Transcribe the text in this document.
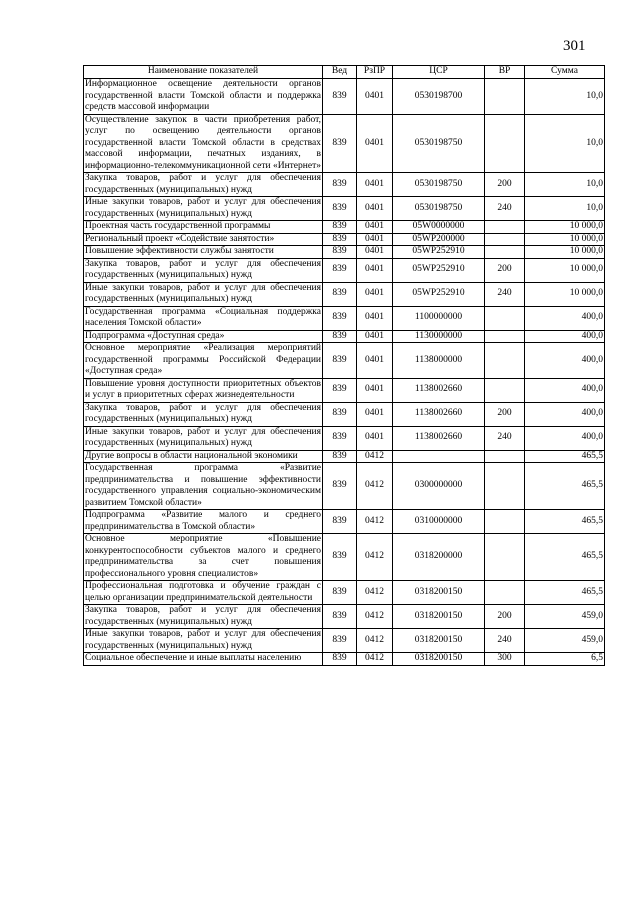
301
Наименование показателей	Вед	РзПР	ЦСР	ВР	Сумма
Информационное освещение деятельности органов государственной власти Томской области и поддержка средств массовой информации	839	0401	0530198700		10,0
Осуществление закупок в части приобретения работ, услуг по освещению деятельности органов государственной власти Томской области в средствах массовой информации, печатных изданиях, в информационно-телекоммуникационной сети «Интернет»	839	0401	0530198750		10,0
Закупка товаров, работ и услуг для обеспечения государственных (муниципальных) нужд	839	0401	0530198750	200	10,0
Иные закупки товаров, работ и услуг для обеспечения государственных (муниципальных) нужд	839	0401	0530198750	240	10,0
Проектная часть государственной программы	839	0401	05W0000000		10 000,0
Региональный проект «Содействие занятости»	839	0401	05WP200000		10 000,0
Повышение эффективности службы занятости	839	0401	05WP252910		10 000,0
Закупка товаров, работ и услуг для обеспечения государственных (муниципальных) нужд	839	0401	05WP252910	200	10 000,0
Иные закупки товаров, работ и услуг для обеспечения государственных (муниципальных) нужд	839	0401	05WP252910	240	10 000,0
Государственная программа «Социальная поддержка населения Томской области»	839	0401	1100000000		400,0
Подпрограмма «Доступная среда»	839	0401	1130000000		400,0
Основное мероприятие «Реализация мероприятий государственной программы Российской Федерации «Доступная среда»	839	0401	1138000000		400,0
Повышение уровня доступности приоритетных объектов и услуг в приоритетных сферах жизнедеятельности	839	0401	1138002660		400,0
Закупка товаров, работ и услуг для обеспечения государственных (муниципальных) нужд	839	0401	1138002660	200	400,0
Иные закупки товаров, работ и услуг для обеспечения государственных (муниципальных) нужд	839	0401	1138002660	240	400,0
Другие вопросы в области национальной экономики	839	0412			465,5
Государственная программа «Развитие предпринимательства и повышение эффективности государственного управления социально-экономическим развитием Томской области»	839	0412	0300000000		465,5
Подпрограмма «Развитие малого и среднего предпринимательства в Томской области»	839	0412	0310000000		465,5
Основное мероприятие «Повышение конкурентоспособности субъектов малого и среднего предпринимательства за счет повышения профессионального уровня специалистов»	839	0412	0318200000		465,5
Профессиональная подготовка и обучение граждан с целью организации предпринимательской деятельности	839	0412	0318200150		465,5
Закупка товаров, работ и услуг для обеспечения государственных (муниципальных) нужд	839	0412	0318200150	200	459,0
Иные закупки товаров, работ и услуг для обеспечения государственных (муниципальных) нужд	839	0412	0318200150	240	459,0
Социальное обеспечение и иные выплаты населению	839	0412	0318200150	300	6,5
